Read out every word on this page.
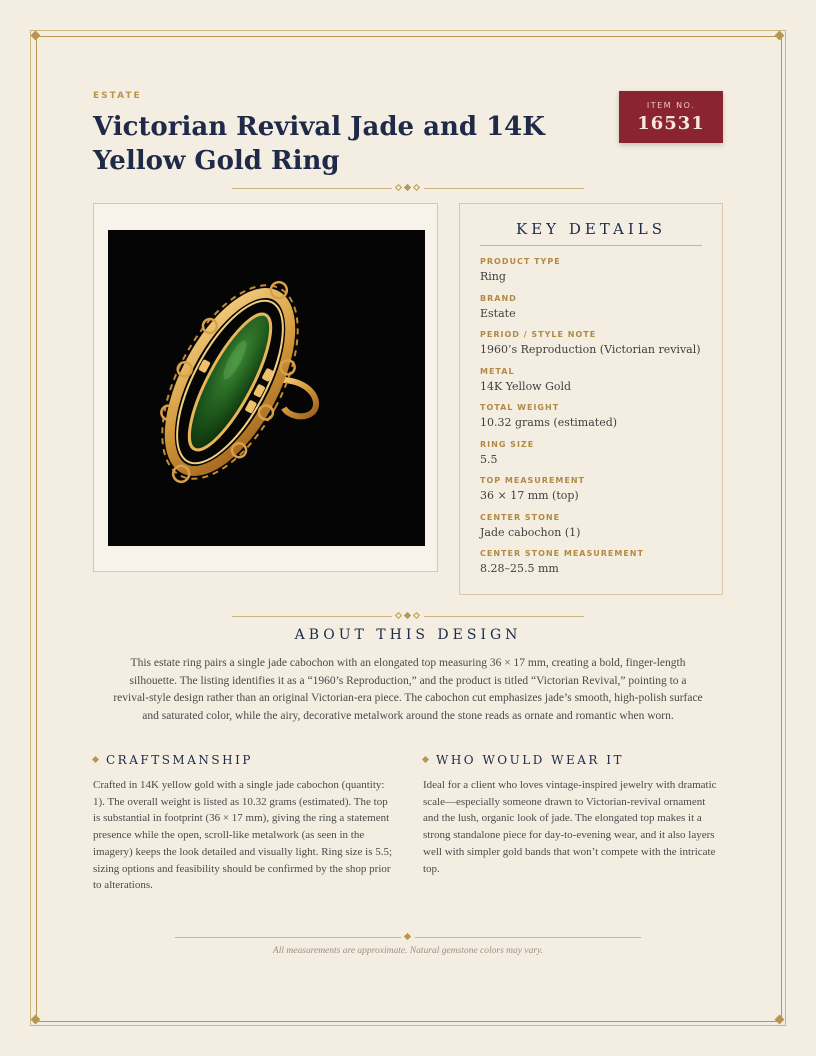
ESTATE
Victorian Revival Jade and 14K Yellow Gold Ring
ITEM NO.
16531
KEY DETAILS
PRODUCT TYPE
Ring
BRAND
Estate
PERIOD / STYLE NOTE
1960’s Reproduction (Victorian revival)
METAL
14K Yellow Gold
TOTAL WEIGHT
10.32 grams (estimated)
RING SIZE
5.5
TOP MEASUREMENT
36 × 17 mm (top)
CENTER STONE
Jade cabochon (1)
CENTER STONE MEASUREMENT
8.28–25.5 mm
ABOUT THIS DESIGN
This estate ring pairs a single jade cabochon with an elongated top measuring 36 × 17 mm, creating a bold, finger-length silhouette. The listing identifies it as a “1960’s Reproduction,” and the product is titled “Victorian Revival,” pointing to a revival-style design rather than an original Victorian-era piece. The cabochon cut emphasizes jade’s smooth, high-polish surface and saturated color, while the airy, decorative metalwork around the stone reads as ornate and romantic when worn.
CRAFTSMANSHIP
Crafted in 14K yellow gold with a single jade cabochon (quantity: 1). The overall weight is listed as 10.32 grams (estimated). The top is substantial in footprint (36 × 17 mm), giving the ring a statement presence while the open, scroll-like metalwork (as seen in the imagery) keeps the look detailed and visually light. Ring size is 5.5; sizing options and feasibility should be confirmed by the shop prior to alterations.
WHO WOULD WEAR IT
Ideal for a client who loves vintage-inspired jewelry with dramatic scale—especially someone drawn to Victorian-revival ornament and the lush, organic look of jade. The elongated top makes it a strong standalone piece for day-to-evening wear, and it also layers well with simpler gold bands that won’t compete with the intricate top.
All measurements are approximate. Natural gemstone colors may vary.
